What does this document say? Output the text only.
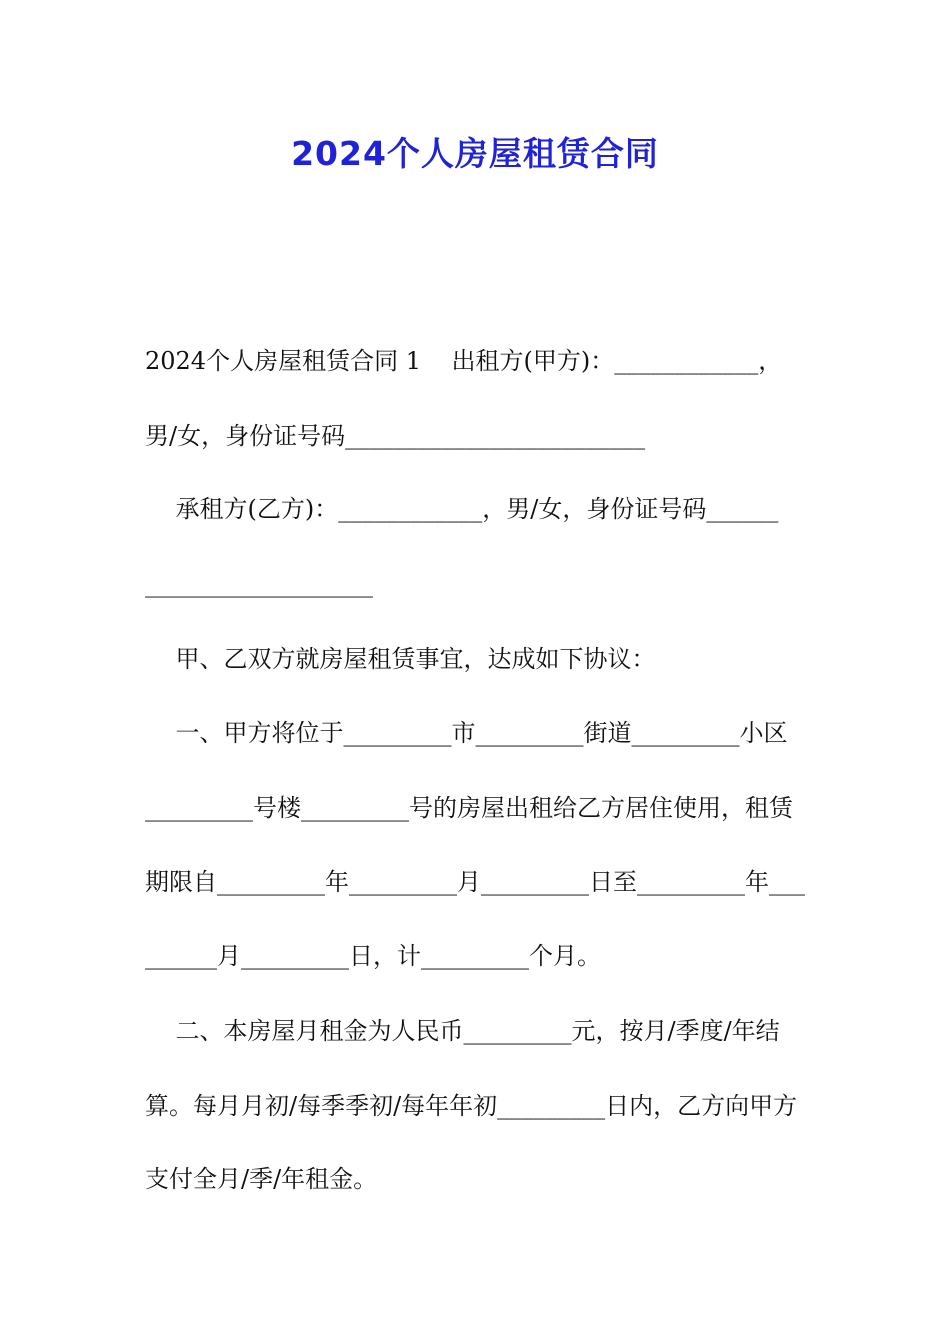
2024个人房屋租赁合同
2024个人房屋租赁合同 1    出租方(甲方)：____________，
男/女，身份证号码_________________________
承租方(乙方)：____________，男/女，身份证号码______
___________________
甲、乙双方就房屋租赁事宜，达成如下协议：
一、甲方将位于_________市_________街道_________小区
_________号楼_________号的房屋出租给乙方居住使用，租赁
期限自_________年_________月_________日至_________年___
______月_________日，计_________个月。
二、本房屋月租金为人民币_________元，按月/季度/年结
算。每月月初/每季季初/每年年初_________日内，乙方向甲方
支付全月/季/年租金。
